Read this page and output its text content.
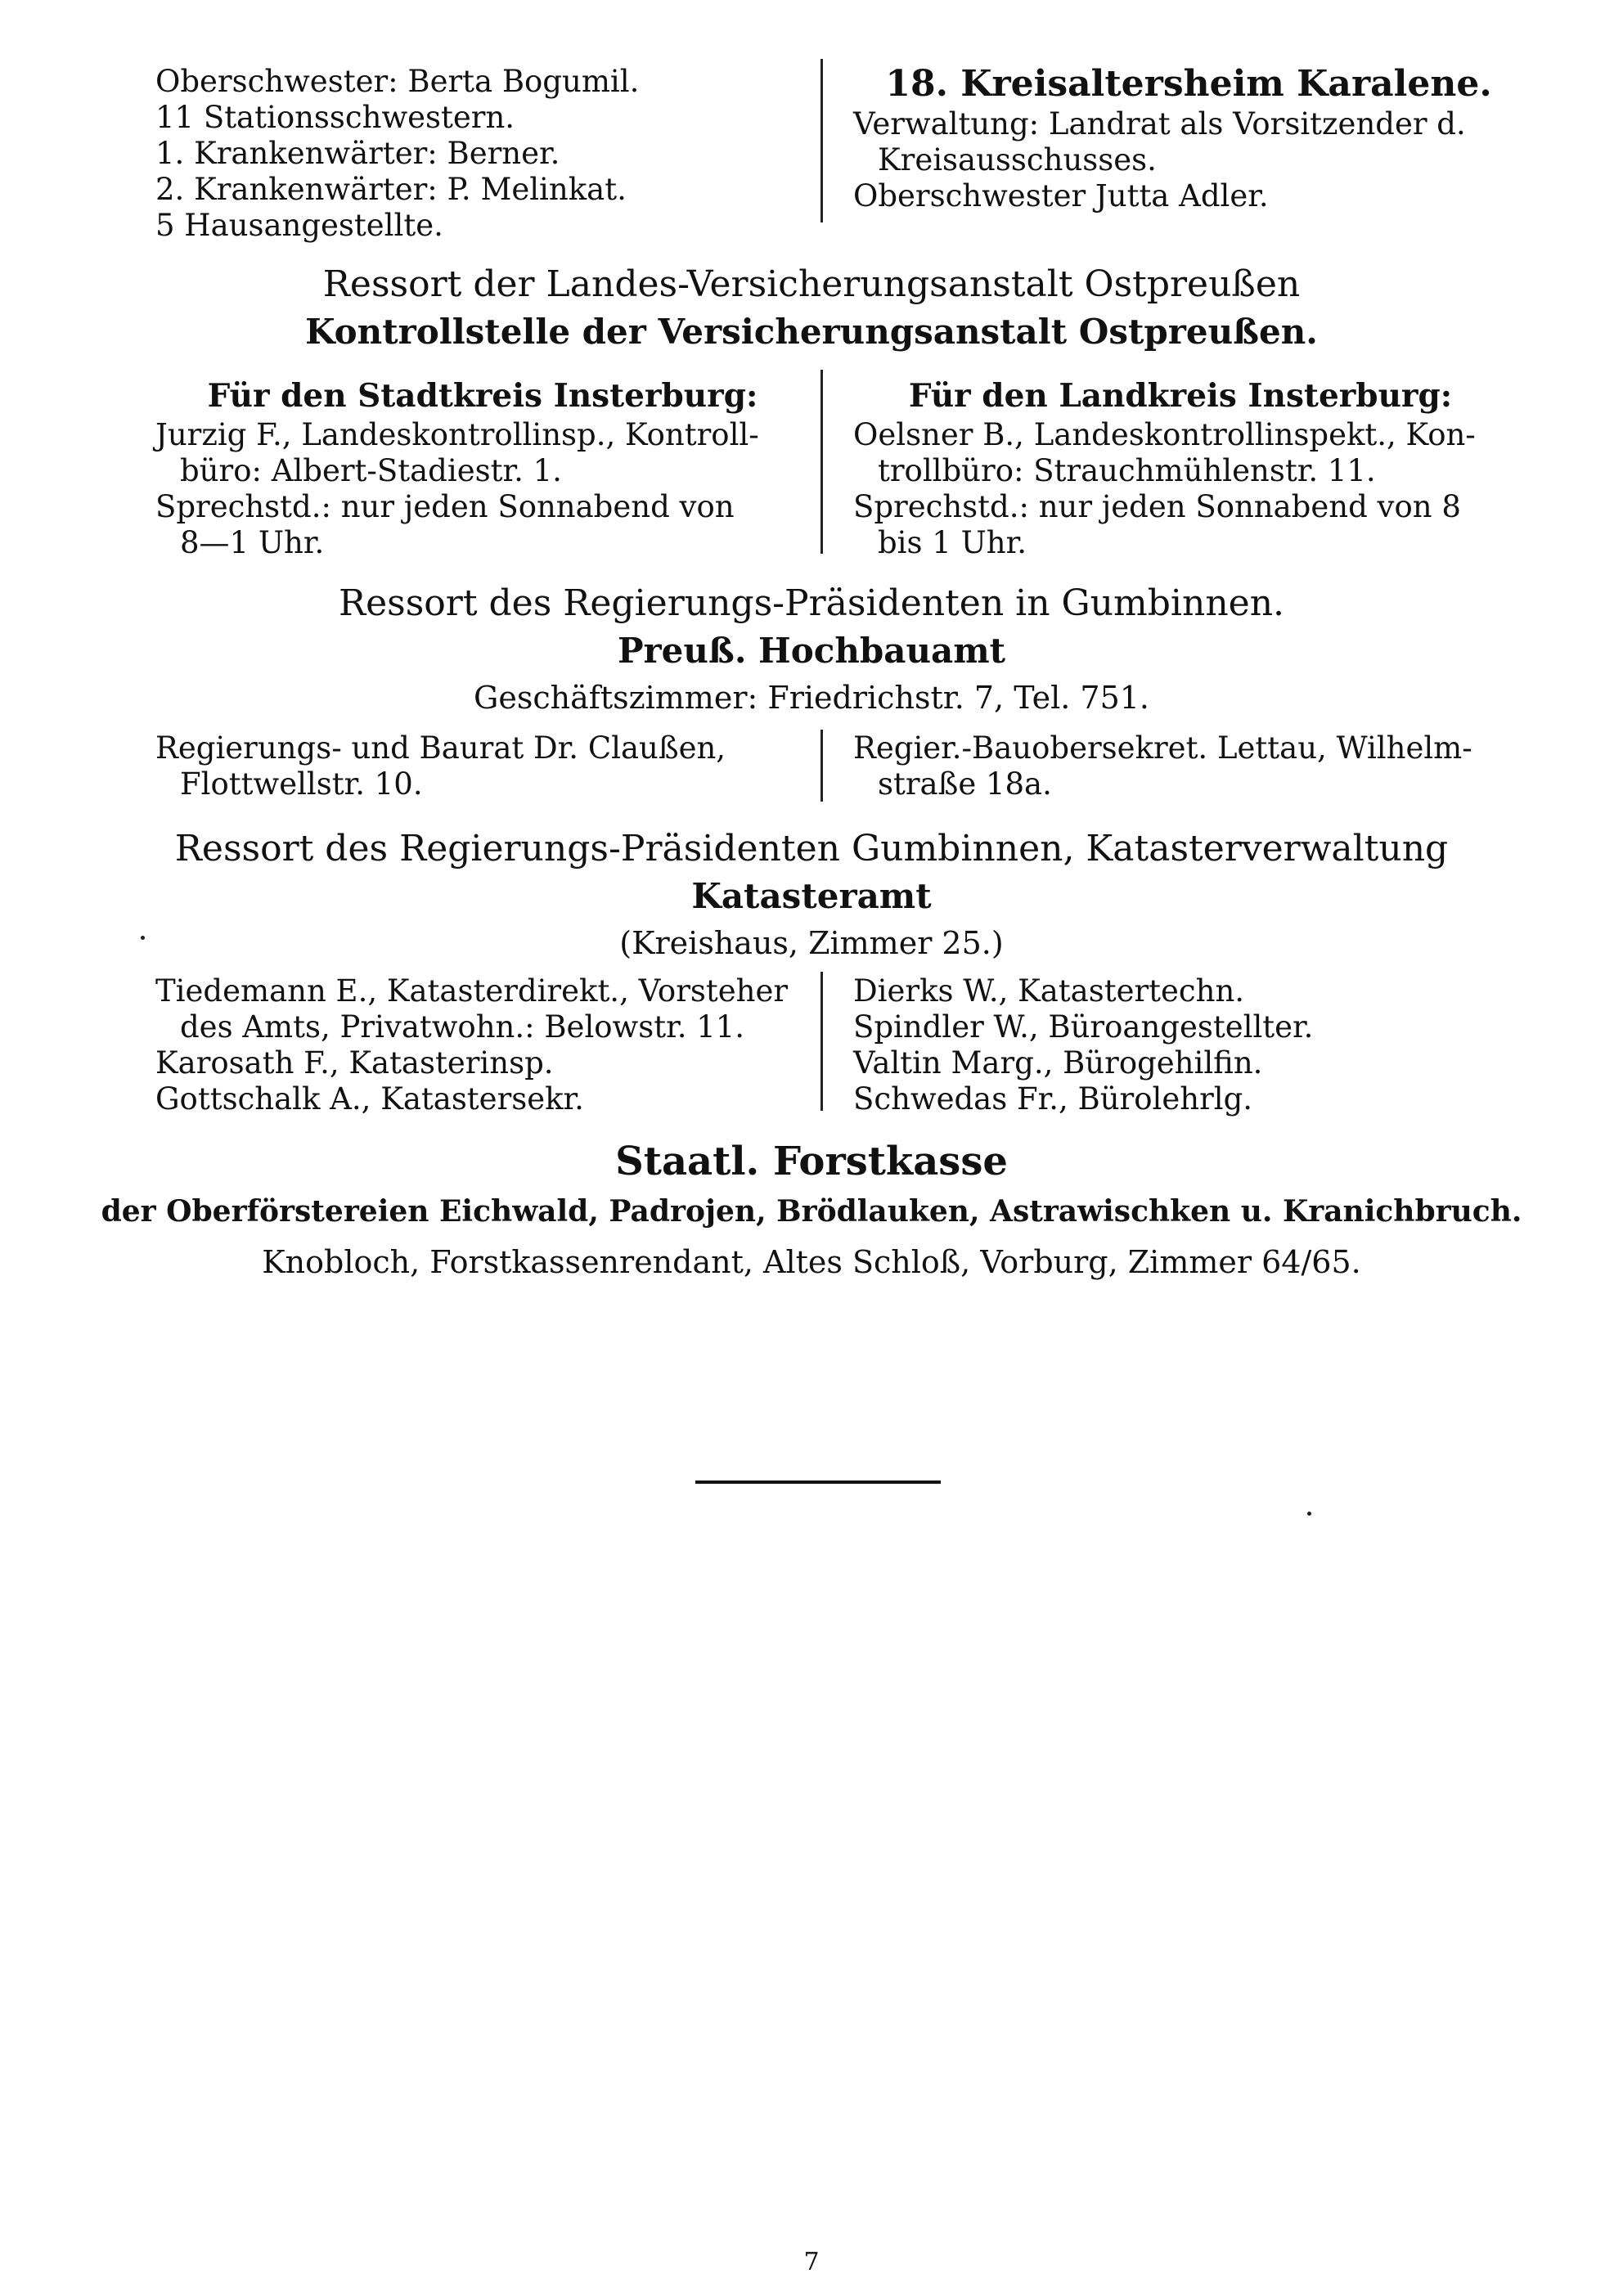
Oberschwester: Berta Bogumil.
11 Stationsschwestern.
1. Krankenwärter: Berner.
2. Krankenwärter: P. Melinkat.
5 Hausangestellte.
18. Kreisaltersheim Karalene.
Verwaltung: Landrat als Vorsitzender d.
Kreisausschusses.
Oberschwester Jutta Adler.
Ressort der Landes-Versicherungsanstalt Ostpreußen
Kontrollstelle der Versicherungsanstalt Ostpreußen.
Für den Stadtkreis Insterburg:	Für den Landkreis Insterburg:
Jurzig F., Landeskontrollinsp., Kontroll-
büro: Albert-Stadiestr. 1.
Sprechstd.: nur jeden Sonnabend von
8—1 Uhr.
Oelsner B., Landeskontrollinspekt., Kon-
trollbüro: Strauchmühlenstr. 11.
Sprechstd.: nur jeden Sonnabend von 8
bis 1 Uhr.
Ressort des Regierungs-Präsidenten in Gumbinnen.
Preuß. Hochbauamt
Geschäftszimmer: Friedrichstr. 7, Tel. 751.
Regierungs- und Baurat Dr. Claußen,
Flottwellstr. 10.
Regier.-Bauobersekret. Lettau, Wilhelm-
straße 18a.
Ressort des Regierungs-Präsidenten Gumbinnen, Katasterverwaltung
Katasteramt
(Kreishaus, Zimmer 25.)
Tiedemann E., Katasterdirekt., Vorsteher
des Amts, Privatwohn.: Belowstr. 11.
Karosath F., Katasterinsp.
Gottschalk A., Katastersekr.
Dierks W., Katastertechn.
Spindler W., Büroangestellter.
Valtin Marg., Bürogehilfin.
Schwedas Fr., Bürolehrlg.
Staatl. Forstkasse
der Oberförstereien Eichwald, Padrojen, Brödlauken, Astrawischken u. Kranichbruch.
Knobloch, Forstkassenrendant, Altes Schloß, Vorburg, Zimmer 64/65.
7
